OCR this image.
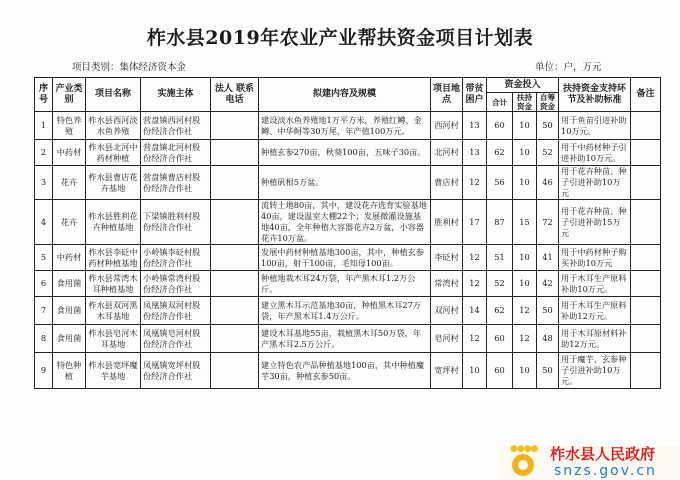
柞水县2019年农业产业帮扶资金项目计划表
项目类别：集体经济资本金	单位：户，万元
序号	产业类别	项目名称	实施主体	法人 联系电话	拟建内容及规模	项目地点	带贫困户	资金投入			扶持资金支持环节及补助标准	备注
								合计	扶持资金	自筹资金		
1	特色养殖	柞水县西河淡水鱼养殖	营盘镇西河村股份经济合作社		建设淡水鱼养殖地1万平方米，养殖红鳟、金鳟、中华鲟等30万尾，年产值100万元。	西河村	13	60	10	50	用于鱼苗引进补助10万元。	
2	中药材	柞水县北河中药材种植	营盘镇北河村股份经济合作社		种植玄参270亩，秋葵100亩，五味子30亩。	北河村	13	62	10	52	用于中药材种子引进补助10万元。	
3	花卉	柞水县曹店花卉基地	营盘镇曹店村股份经济合作社		种植矾根5万盆。	曹店村	12	56	10	46	用于花卉种苗、种子引进补助10万元	
4	花卉	柞水县胜利花卉种植基地	下梁镇胜利村股份经济合作社		流转土地80亩，其中，建设花卉选育实验基地40亩，建设温室大棚22个；发展微灌设施基地40亩，全年种植大容器花卉2万盆，小容器花卉10万盆。	胜利村	17	87	15	72	用于花卉种苗、种子引进补助15万元	
5	中药材	柞水县李砭中药材种植基地	小岭镇李砭村股份经济合作社		发展中药材种植基地300亩，其中，种植玄参100亩，射干100亩，毛知母100亩。	李砭村	12	51	10	41	用于中药材种子购买补助10万元	
6	食用菌	柞水县常湾木耳种植基地	小岭镇常湾村股份经济合作社		种植地栽木耳24万袋，年产黑木耳1.2万公斤。	常湾村	12	52	10	42	用于木耳生产原料补助10万元。	
7	食用菌	柞水县双河黑木耳基地	凤凰镇双河村股份经济合作社		建立黑木耳示范基地30亩，种植黑木耳27万袋，年产黑木耳1.4万公斤。	双河村	14	62	12	50	用于木耳生产原料补助12万元。	
8	食用菌	柞水县皂河木耳基地	凤凰镇皂河村股份经济合作社		建设木耳基地55亩，栽植黑木耳50万袋，年产黑木耳2.5万公斤。	皂河村	12	60	12	48	用于木耳原材料补助12万元。	
9	特色种植	柞水县宽坪魔芋基地	凤凰镇宽坪村股份经济合作社		建立特色农产品种植基地100亩，其中种植魔芋30亩，种植玄参50亩。	宽坪村	10	60	10	50	用于魔芋、玄参种子引进补助10万元。	
●●●● 柞水县人民政府
snzs.gov.cn
